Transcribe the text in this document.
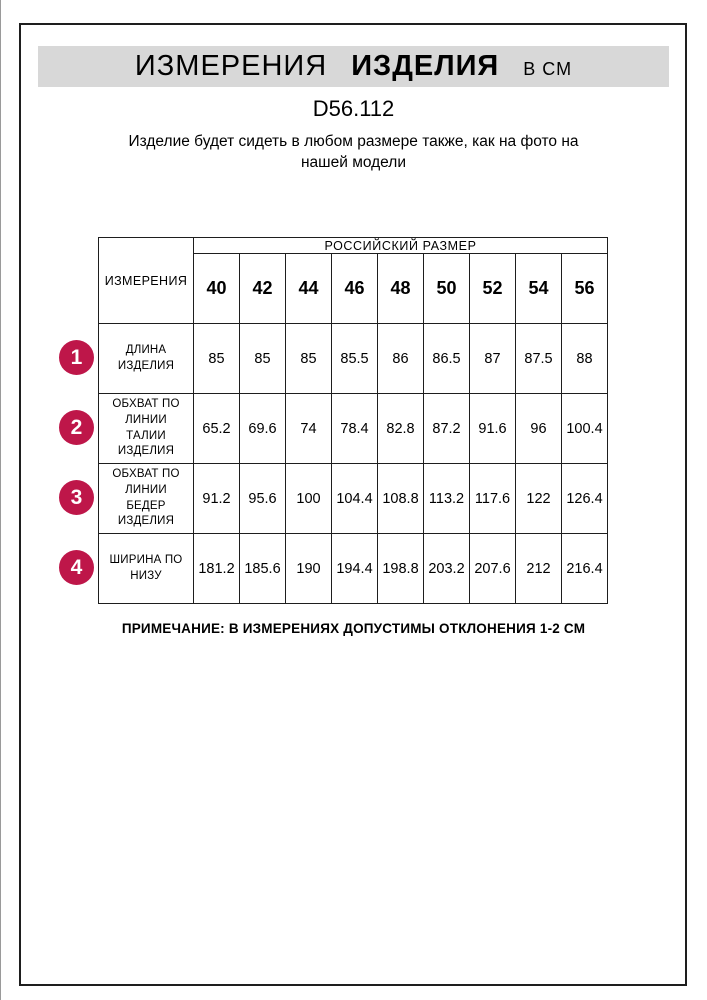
ИЗМЕРЕНИЯ ИЗДЕЛИЯ В СМ
D56.112
Изделие будет сидеть в любом размере также, как на фото на нашей модели
ИЗМЕРЕНИЯ	РОССИЙСКИЙ РАЗМЕР								
	40	42	44	46	48	50	52	54	56
ДЛИНА ИЗДЕЛИЯ	85	85	85	85.5	86	86.5	87	87.5	88
ОБХВАТ ПО ЛИНИИ ТАЛИИ ИЗДЕЛИЯ	65.2	69.6	74	78.4	82.8	87.2	91.6	96	100.4
ОБХВАТ ПО ЛИНИИ БЕДЕР ИЗДЕЛИЯ	91.2	95.6	100	104.4	108.8	113.2	117.6	122	126.4
ШИРИНА ПО НИЗУ	181.2	185.6	190	194.4	198.8	203.2	207.6	212	216.4
1
2
3
4
ПРИМЕЧАНИЕ: В ИЗМЕРЕНИЯХ ДОПУСТИМЫ ОТКЛОНЕНИЯ 1-2 СМ
